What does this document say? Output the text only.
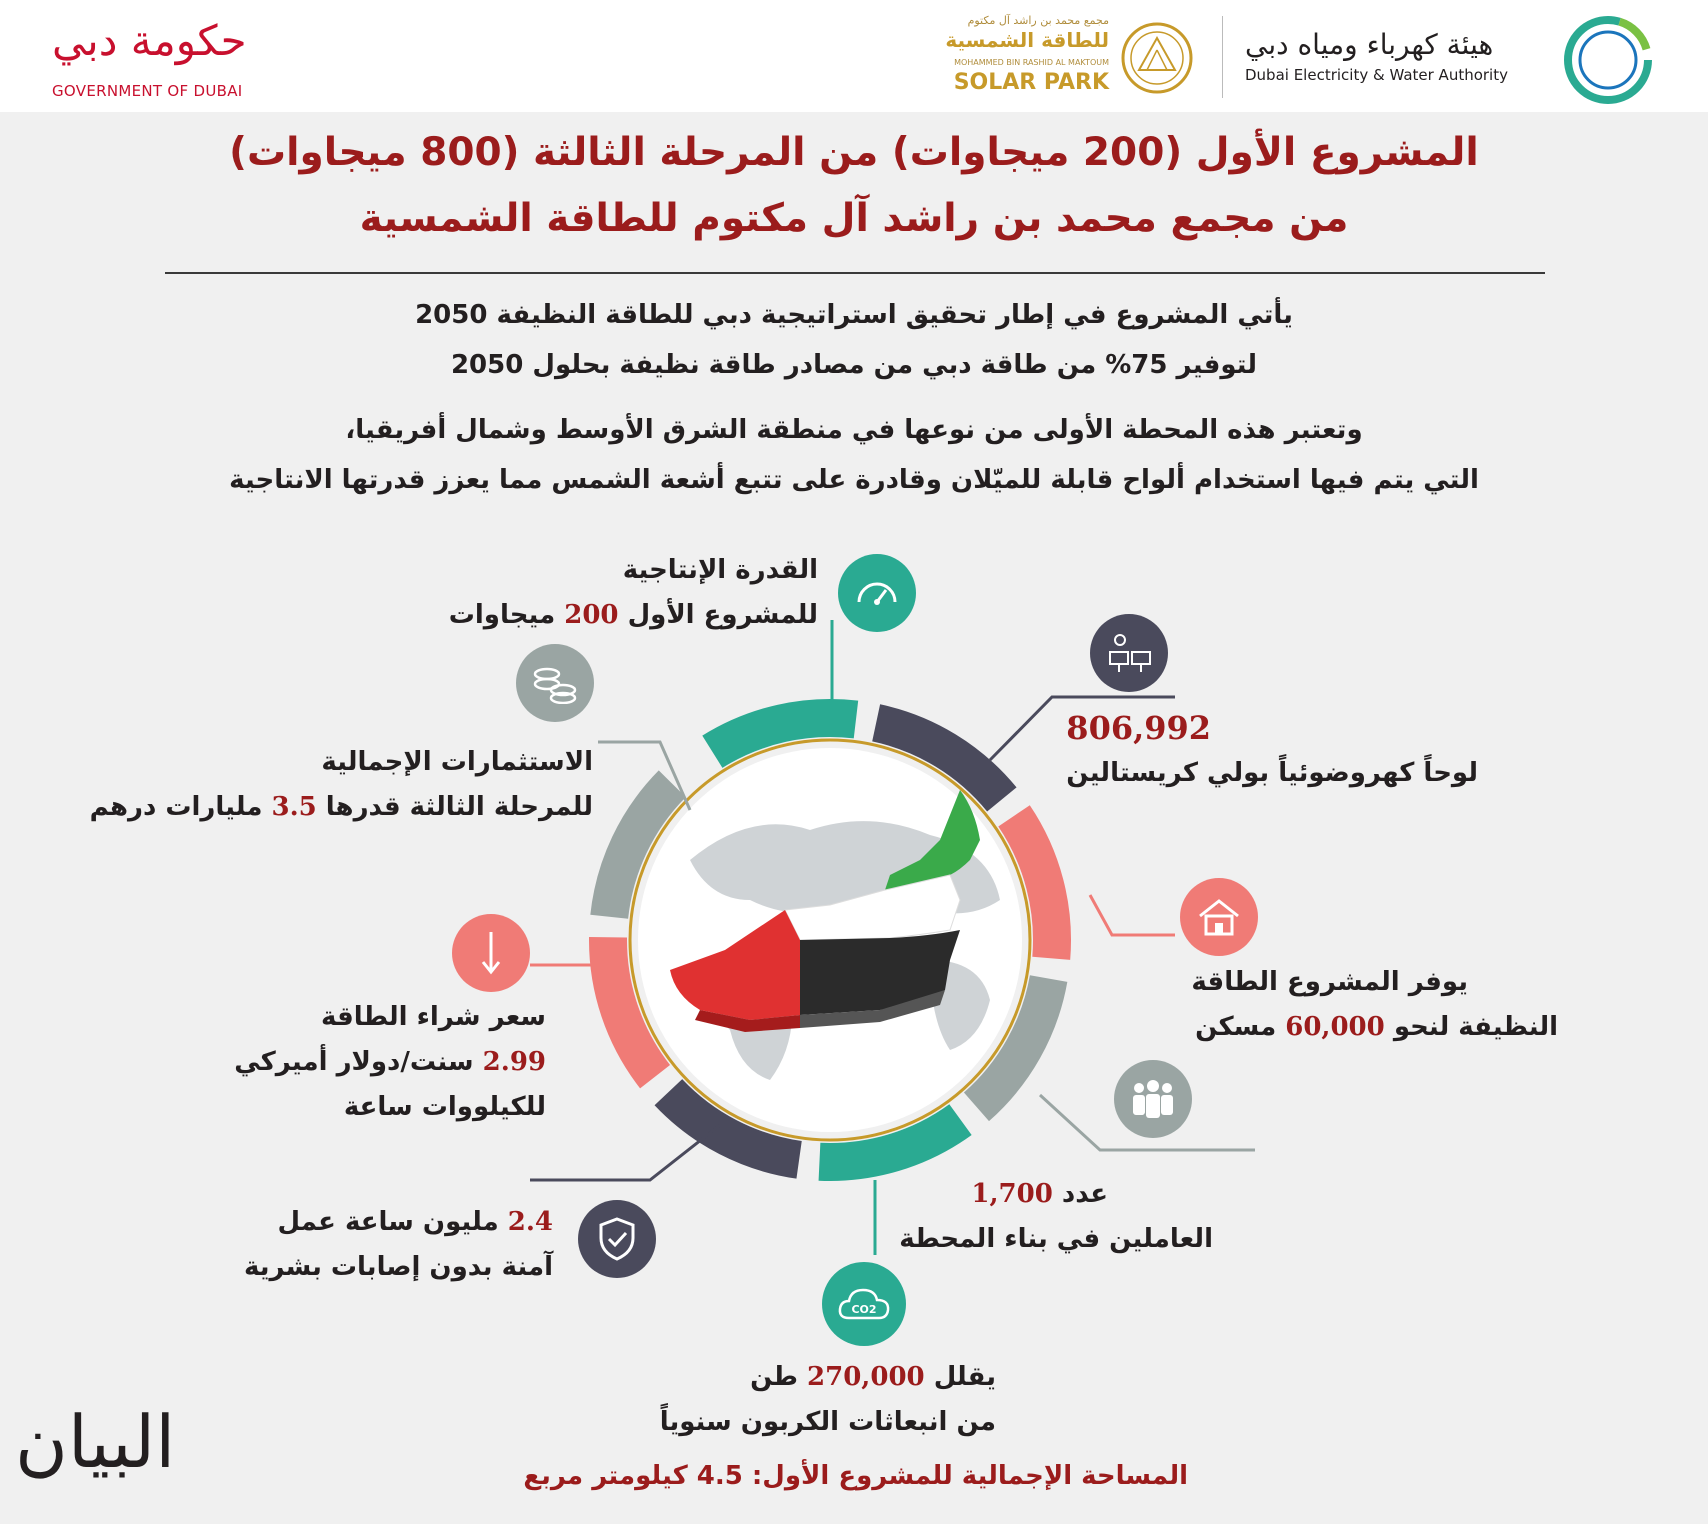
حكومة دبي
GOVERNMENT OF DUBAI
مجمع محمد بن راشد آل مكتوم
للطاقة الشمسية
MOHAMMED BIN RASHID AL MAKTOUM
SOLAR PARK
هيئة كهرباء ومياه دبي
Dubai Electricity & Water Authority
المشروع الأول (200 ميجاوات) من المرحلة الثالثة (800 ميجاوات)
من مجمع محمد بن راشد آل مكتوم للطاقة الشمسية
يأتي المشروع في إطار تحقيق استراتيجية دبي للطاقة النظيفة 2050
لتوفير 75% من طاقة دبي من مصادر طاقة نظيفة بحلول 2050
وتعتبر هذه المحطة الأولى من نوعها في منطقة الشرق الأوسط وشمال أفريقيا،
التي يتم فيها استخدام ألواح قابلة للميّلان وقادرة على تتبع أشعة الشمس مما يعزز قدرتها الانتاجية
CO2
القدرة الإنتاجية
للمشروع الأول 200 ميجاوات
806,992
لوحاً كهروضوئياً بولي كريستالين
الاستثمارات الإجمالية
للمرحلة الثالثة قدرها 3.5 مليارات درهم
يوفر المشروع الطاقة
النظيفة لنحو 60,000 مسكن
سعر شراء الطاقة
2.99 سنت/دولار أميركي
للكيلووات ساعة
عدد 1,700
العاملين في بناء المحطة
2.4 مليون ساعة عمل
آمنة بدون إصابات بشرية
يقلل 270,000 طن
من انبعاثات الكربون سنوياً
المساحة الإجمالية للمشروع الأول: 4.5 كيلومتر مربع
البيان
